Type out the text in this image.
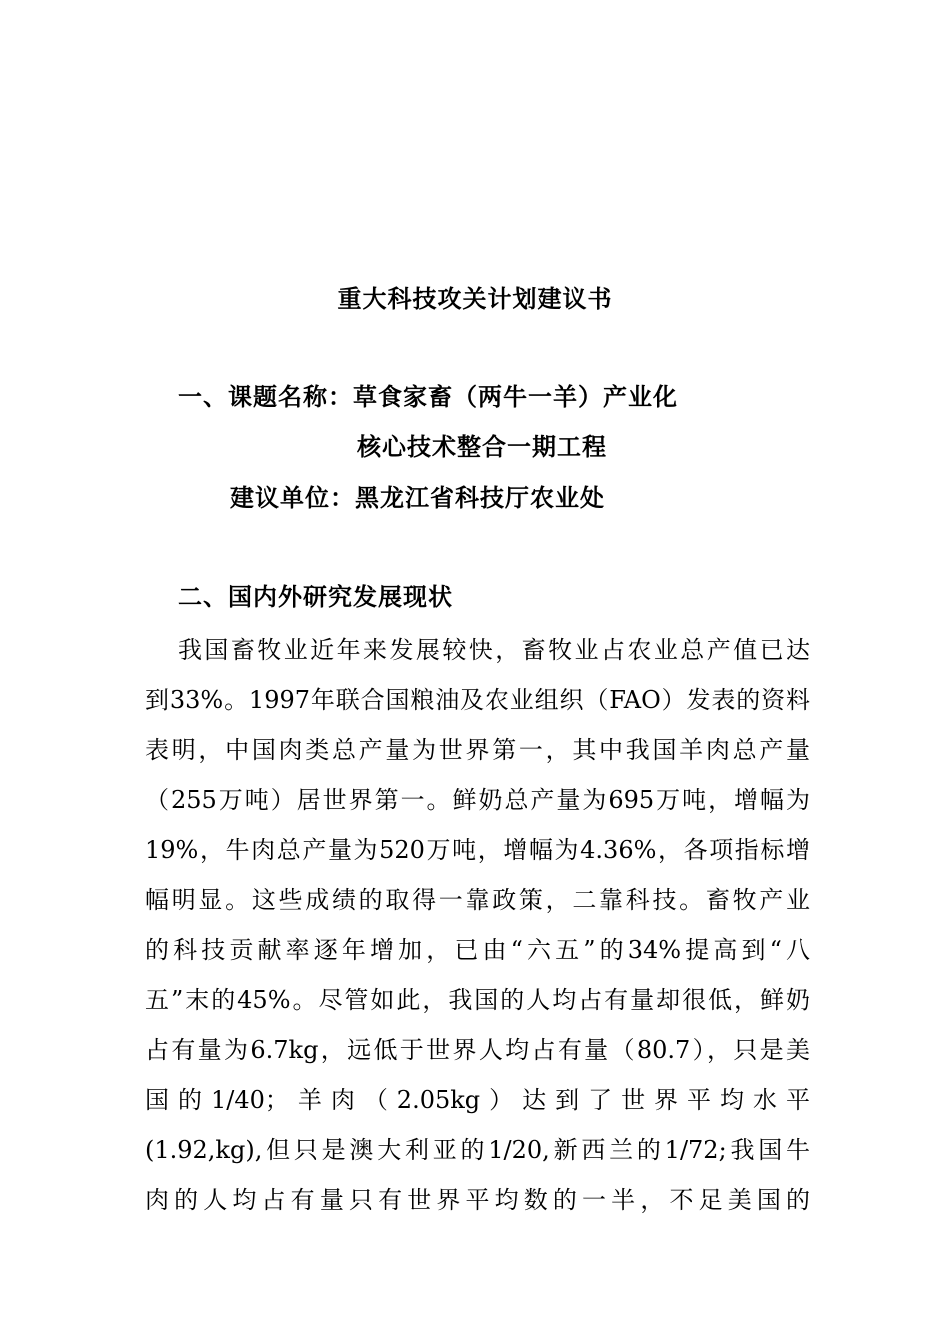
重大科技攻关计划建议书
一、课题名称：草食家畜（两牛一羊）产业化
核心技术整合一期工程
建议单位：黑龙江省科技厅农业处
二、国内外研究发展现状
我国畜牧业近年来发展较快，畜牧业占农业总产值已达
到33%。1997年联合国粮油及农业组织（FAO）发表的资料
表明，中国肉类总产量为世界第一，其中我国羊肉总产量
（255万吨）居世界第一。鲜奶总产量为695万吨，增幅为
19%，牛肉总产量为520万吨，增幅为4.36%，各项指标增
幅明显。这些成绩的取得一靠政策，二靠科技。畜牧产业
的科技贡献率逐年增加，已由“六五”的34%提高到“八
五”末的45%。尽管如此，我国的人均占有量却很低，鲜奶
占有量为6.7kg，远低于世界人均占有量（80.7），只是美
国的1/40；羊肉（2.05kg）达到了世界平均水平
(1.92,kg),但只是澳大利亚的1/20,新西兰的1/72;我国牛
肉的人均占有量只有世界平均数的一半，不足美国的
